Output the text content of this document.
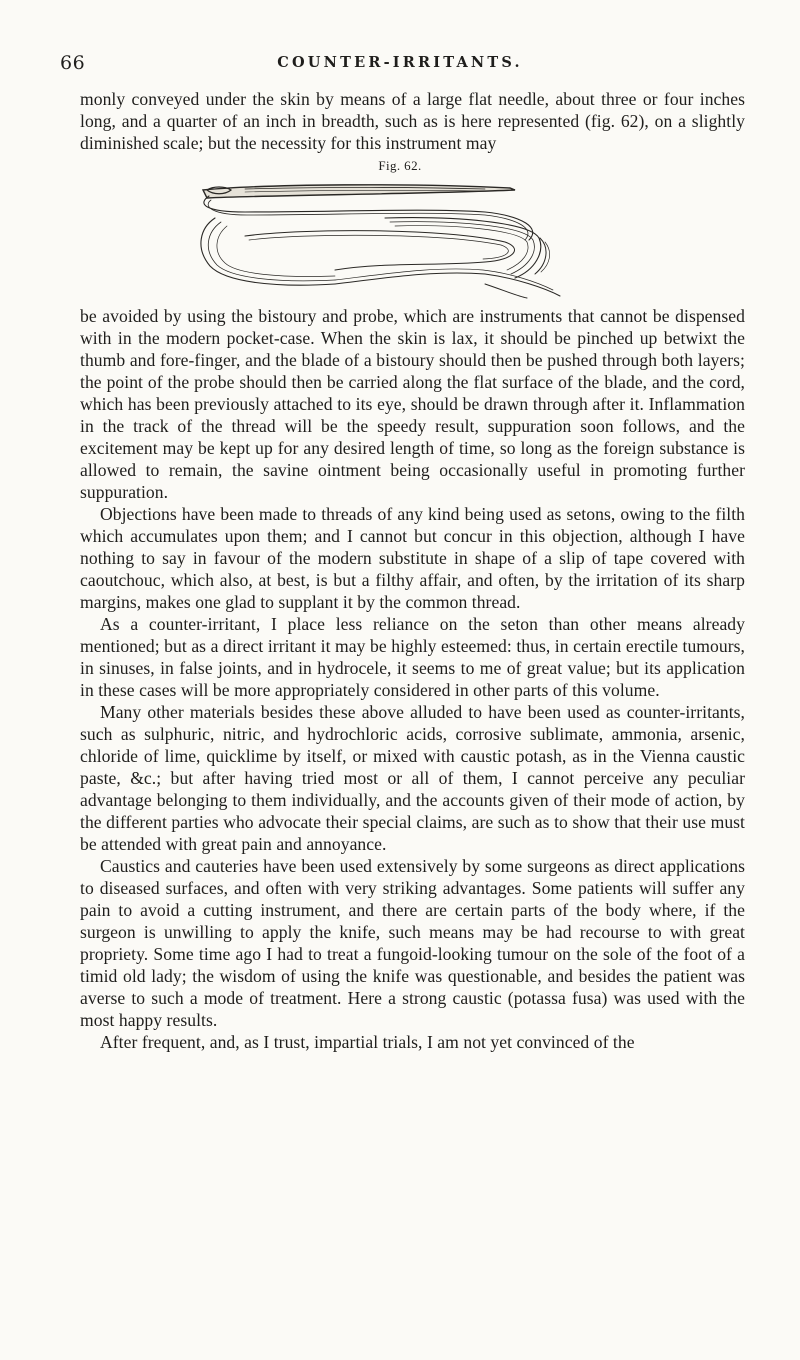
66	COUNTER-IRRITANTS.

monly conveyed under the skin by means of a large flat needle, about three or four inches long, and a quarter of an inch in breadth, such as is here represented (fig. 62), on a slightly diminished scale; but the necessity for this instrument may

Fig. 62.

be avoided by using the bistoury and probe, which are instruments that cannot be dispensed with in the modern pocket-case. When the skin is lax, it should be pinched up betwixt the thumb and fore-finger, and the blade of a bistoury should then be pushed through both layers; the point of the probe should then be carried along the flat surface of the blade, and the cord, which has been previously attached to its eye, should be drawn through after it. Inflammation in the track of the thread will be the speedy result, suppuration soon follows, and the excitement may be kept up for any desired length of time, so long as the foreign substance is allowed to remain, the savine ointment being occasionally useful in promoting further suppuration.

Objections have been made to threads of any kind being used as setons, owing to the filth which accumulates upon them; and I cannot but concur in this objection, although I have nothing to say in favour of the modern substitute in shape of a slip of tape covered with caoutchouc, which also, at best, is but a filthy affair, and often, by the irritation of its sharp margins, makes one glad to supplant it by the common thread.

As a counter-irritant, I place less reliance on the seton than other means already mentioned; but as a direct irritant it may be highly esteemed: thus, in certain erectile tumours, in sinuses, in false joints, and in hydrocele, it seems to me of great value; but its application in these cases will be more appropriately considered in other parts of this volume.

Many other materials besides these above alluded to have been used as counter-irritants, such as sulphuric, nitric, and hydrochloric acids, corrosive sublimate, ammonia, arsenic, chloride of lime, quicklime by itself, or mixed with caustic potash, as in the Vienna caustic paste, &c.; but after having tried most or all of them, I cannot perceive any peculiar advantage belonging to them individually, and the accounts given of their mode of action, by the different parties who advocate their special claims, are such as to show that their use must be attended with great pain and annoyance.

Caustics and cauteries have been used extensively by some surgeons as direct applications to diseased surfaces, and often with very striking advantages. Some patients will suffer any pain to avoid a cutting instrument, and there are certain parts of the body where, if the surgeon is unwilling to apply the knife, such means may be had recourse to with great propriety. Some time ago I had to treat a fungoid-looking tumour on the sole of the foot of a timid old lady; the wisdom of using the knife was questionable, and besides the patient was averse to such a mode of treatment. Here a strong caustic (potassa fusa) was used with the most happy results.

After frequent, and, as I trust, impartial trials, I am not yet convinced of the
